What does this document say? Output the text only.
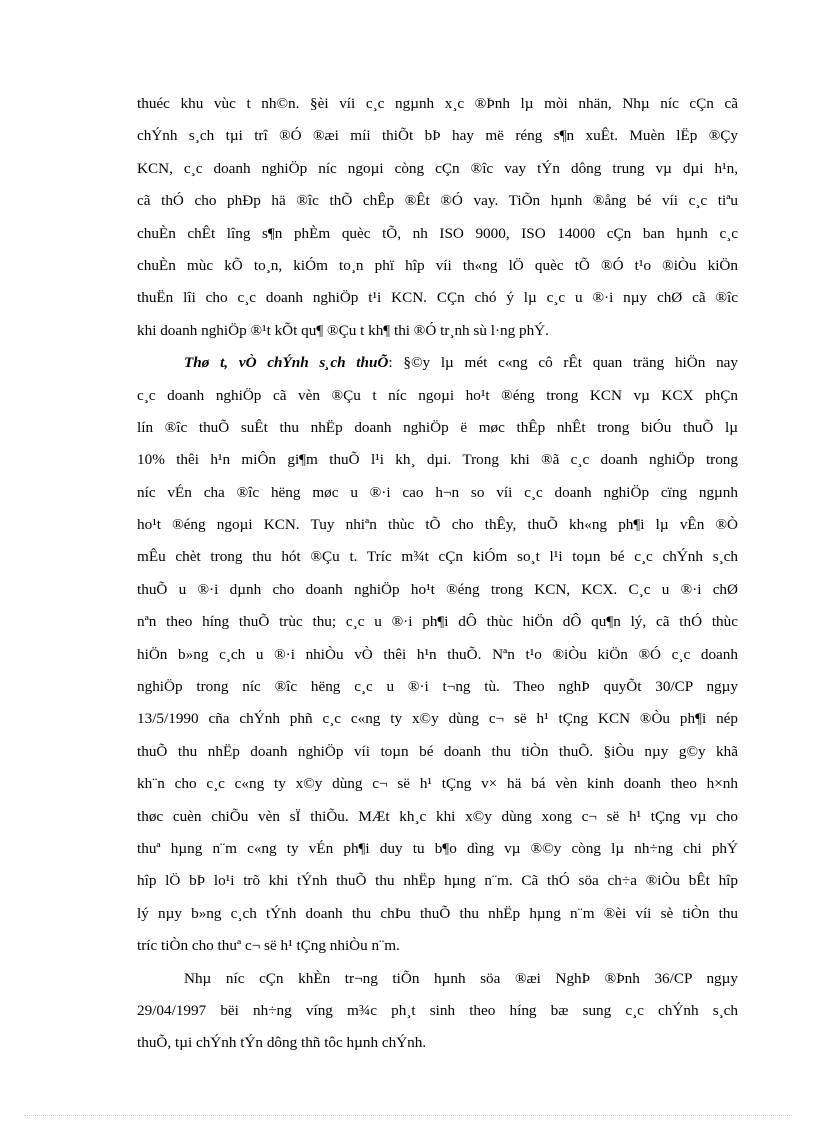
thuéc khu vùc t nh©n. §èi víi c¸c ngµnh x¸c ®Þnh lµ mòi nhän, Nhµ níc cÇn cã
chÝnh s¸ch tµi trî ®Ó ®æi míi thiÕt bÞ hay më réng s¶n xuÊt. Muèn lËp ®Çy
KCN, c¸c doanh nghiÖp níc ngoµi còng cÇn ®îc vay tÝn dông trung vµ dµi h¹n,
cã thÓ cho phÐp hä ®îc thÕ chÊp ®Êt ®Ó vay. TiÕn hµnh ®ång bé víi c¸c tiªu
chuÈn chÊt lîng s¶n phÈm quèc tÕ, nh ISO 9000, ISO 14000 cÇn ban hµnh c¸c
chuÈn mùc kÕ to¸n, kiÓm to¸n phï hîp víi th«ng lÖ quèc tÕ ®Ó t¹o ®iÒu kiÖn
thuËn lîi cho c¸c doanh nghiÖp t¹i KCN. CÇn chó ý lµ c¸c u ®·i nµy chØ cã ®îc
khi doanh nghiÖp ®¹t kÕt qu¶ ®Çu t kh¶ thi ®Ó tr¸nh sù l·ng phÝ.
Thø t, vÒ chÝnh s¸ch thuÕ: §©y lµ mét c«ng cô rÊt quan träng hiÖn nay
c¸c doanh nghiÖp cã vèn ®Çu t níc ngoµi ho¹t ®éng trong KCN vµ KCX phÇn
lín ®îc thuÕ suÊt thu nhËp doanh nghiÖp ë møc thÊp nhÊt trong biÓu thuÕ lµ
10% thêi h¹n miÔn gi¶m thuÕ l¹i kh¸ dµi. Trong khi ®ã c¸c doanh nghiÖp trong
níc vÉn cha ®îc hëng møc u ®·i cao h¬n so víi c¸c doanh nghiÖp cïng ngµnh
ho¹t ®éng ngoµi KCN. Tuy nhiªn thùc tÕ cho thÊy, thuÕ kh«ng ph¶i lµ vÊn ®Ò
mÊu chèt trong thu hót ®Çu t. Tríc m¾t cÇn kiÓm so¸t l¹i toµn bé c¸c chÝnh s¸ch
thuÕ u ®·i dµnh cho doanh nghiÖp ho¹t ®éng trong KCN, KCX. C¸c u ®·i chØ
nªn theo híng thuÕ trùc thu; c¸c u ®·i ph¶i dÔ thùc hiÖn dÔ qu¶n lý, cã thÓ thùc
hiÖn b»ng c¸ch u ®·i nhiÒu vÒ thêi h¹n thuÕ. Nªn t¹o ®iÒu kiÖn ®Ó c¸c doanh
nghiÖp trong níc ®îc hëng c¸c u ®·i t¬ng tù. Theo nghÞ quyÕt 30/CP ngµy
13/5/1990 cña chÝnh phñ c¸c c«ng ty x©y dùng c¬ së h¹ tÇng KCN ®Òu ph¶i nép
thuÕ thu nhËp doanh nghiÖp víi toµn bé doanh thu tiÒn thuÕ. §iÒu nµy g©y khã
kh¨n cho c¸c c«ng ty x©y dùng c¬ së h¹ tÇng v× hä bá vèn kinh doanh theo h×nh
thøc cuèn chiÕu vèn sÏ thiÕu. MÆt kh¸c khi x©y dùng xong c¬ së h¹ tÇng vµ cho
thuª hµng n¨m c«ng ty vÉn ph¶i duy tu b¶o dìng vµ ®©y còng lµ nh÷ng chi phÝ
hîp lÖ bÞ lo¹i trõ khi tÝnh thuÕ thu nhËp hµng n¨m. Cã thÓ söa ch÷a ®iÒu bÊt hîp
lý nµy b»ng c¸ch tÝnh doanh thu chÞu thuÕ thu nhËp hµng n¨m ®èi víi sè tiÒn thu
tríc tiÒn cho thuª c¬ së h¹ tÇng nhiÒu n¨m.
Nhµ níc cÇn khÈn tr¬ng tiÕn hµnh söa ®æi NghÞ ®Þnh 36/CP ngµy
29/04/1997 bëi nh÷ng víng m¾c ph¸t sinh theo híng bæ sung c¸c chÝnh s¸ch
thuÕ, tµi chÝnh tÝn dông thñ tôc hµnh chÝnh.
